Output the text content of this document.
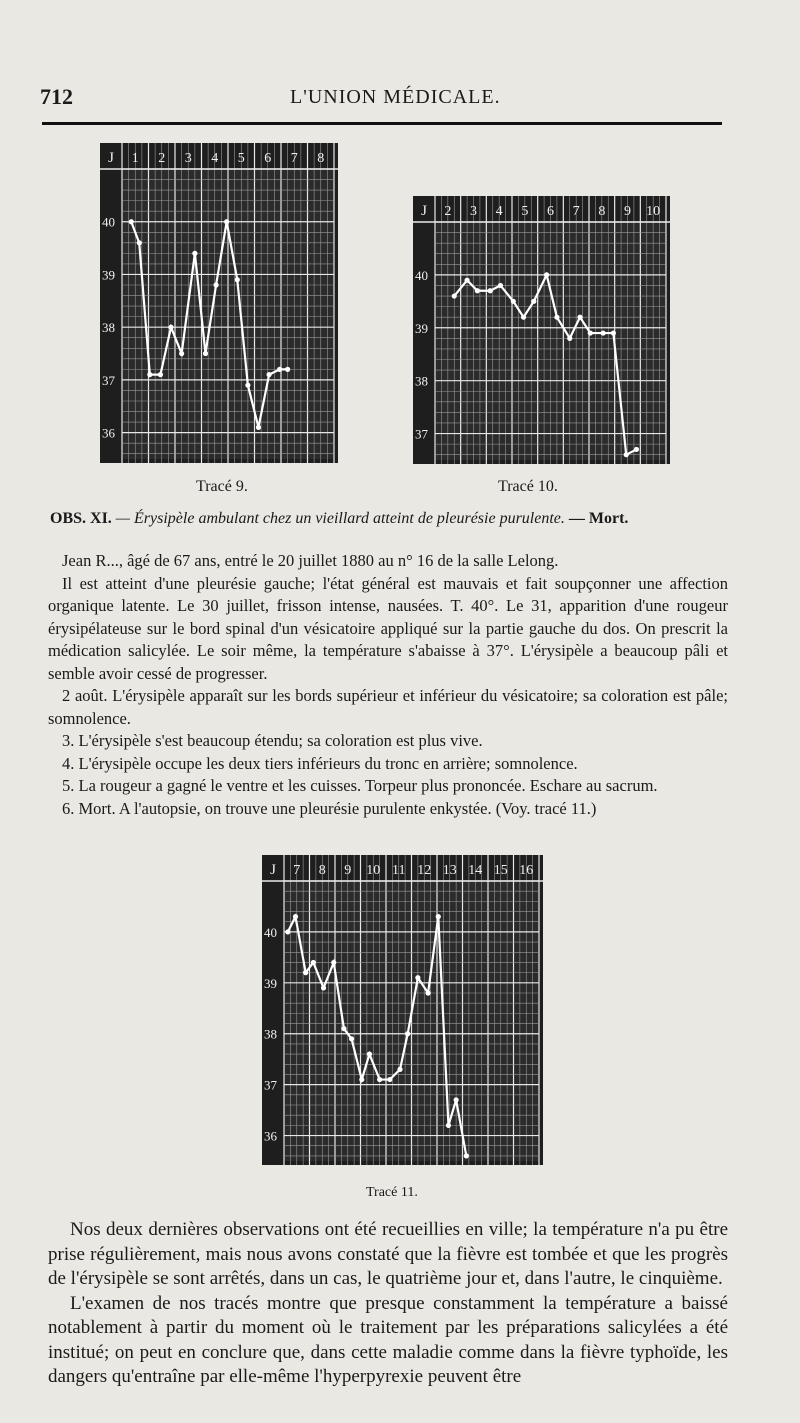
712	L'UNION MÉDICALE.
J 1 2 3 4 5 6 7 8
40
39
38
37
36
Tracé 9.
J 2 3 4 5 6 7 8 9 10
40
39
38
37
Tracé 10.
OBS. XI. — Érysipèle ambulant chez un vieillard atteint de pleurésie purulente. — Mort.
Jean R..., âgé de 67 ans, entré le 20 juillet 1880 au n° 16 de la salle Lelong.
Il est atteint d'une pleurésie gauche; l'état général est mauvais et fait soupçonner une affection organique latente. Le 30 juillet, frisson intense, nausées. T. 40°. Le 31, apparition d'une rougeur érysipélateuse sur le bord spinal d'un vésicatoire appliqué sur la partie gauche du dos. On prescrit la médication salicylée. Le soir même, la température s'abaisse à 37°. L'érysipèle a beaucoup pâli et semble avoir cessé de progresser.
2 août. L'érysipèle apparaît sur les bords supérieur et inférieur du vésicatoire; sa coloration est pâle; somnolence.
3. L'érysipèle s'est beaucoup étendu; sa coloration est plus vive.
4. L'érysipèle occupe les deux tiers inférieurs du tronc en arrière; somnolence.
5. La rougeur a gagné le ventre et les cuisses. Torpeur plus prononcée. Eschare au sacrum.
6. Mort. A l'autopsie, on trouve une pleurésie purulente enkystée. (Voy. tracé 11.)
J 7 8 9 10 11 12 13 14 15 16
40
39
38
37
36
Tracé 11.
Nos deux dernières observations ont été recueillies en ville; la température n'a pu être prise régulièrement, mais nous avons constaté que la fièvre est tombée et que les progrès de l'érysipèle se sont arrêtés, dans un cas, le quatrième jour et, dans l'autre, le cinquième.
L'examen de nos tracés montre que presque constamment la température a baissé notablement à partir du moment où le traitement par les préparations salicylées a été institué; on peut en conclure que, dans cette maladie comme dans la fièvre typhoïde, les dangers qu'entraîne par elle-même l'hyperpyrexie peuvent être
